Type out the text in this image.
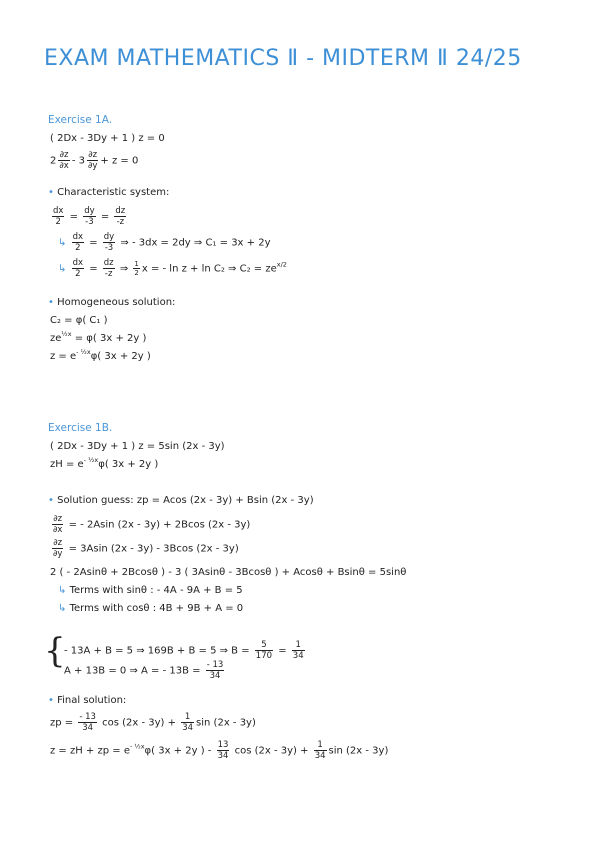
EXAM MATHEMATICS Ⅱ - MIDTERM Ⅱ 24/25
Exercise 1A.
( 2Dx - 3Dy + 1 ) z = 0
$2 \frac{\partial z}{\partial x} - 3 \frac{\partial z}{\partial y} + z = 0$
• Characteristic system:
$\frac{dx}{2} = \frac{dy}{-3} = \frac{dz}{-z}$
↳ $\frac{dx}{2} = \frac{dy}{-3}$ ⇒ - 3dx = 2dy ⇒ C₁ = 3x + 2y
↳ $\frac{dx}{2} = \frac{dz}{-z}$ ⇒ $\frac{1}{2}$ x = - ln z + ln C₂ ⇒ $C_2 = ze^{x/2}$
• Homogeneous solution:
C₂ = φ( C₁ )
$ze^{\frac{1}{2}x} = \varphi$( 3x + 2y )
$z = e^{- \frac{1}{2}x}\varphi$( 3x + 2y )
Exercise 1B.
( 2Dx - 3Dy + 1 ) z = 5sin (2x - 3y)
zH = $e^{- \frac{1}{2}x}\varphi$( 3x + 2y )
• Solution guess: zp = Acos (2x - 3y) + Bsin (2x - 3y)
$\frac{\partial z}{\partial x}$ = - 2Asin (2x - 3y) + 2Bcos (2x - 3y)
$\frac{\partial z}{\partial y} = 3Asin$ (2x - 3y) - 3Bcos (2x - 3y)
2 ( - 2Asinθ + 2Bcosθ ) - 3 ( 3Asinθ - 3Bcosθ ) + Acosθ + Bsinθ = 5sinθ
↳ Terms with sinθ : - 4A - 9A + B = 5
↳ Terms with cosθ : 4B + 9B + A = 0
{
- 13A + B = 5 ⇒ 169B + B = 5 ⇒ $B = \frac{5}{170} = \frac{1}{34}$
A + 13B = 0 ⇒ A = - $13B = \frac{- 13}{34}$
• Final solution:
zp = $\frac{- 13}{34}$ $\cos (2x - 3y) + \frac{1}{34}$ sin (2x - 3y)
z = zH + zp = $e^{- \frac{1}{2}x}\varphi$( 3x + 2y ) - $\frac{13}{34}$ $\cos (2x - 3y) + \frac{1}{34}$ sin (2x - 3y)
